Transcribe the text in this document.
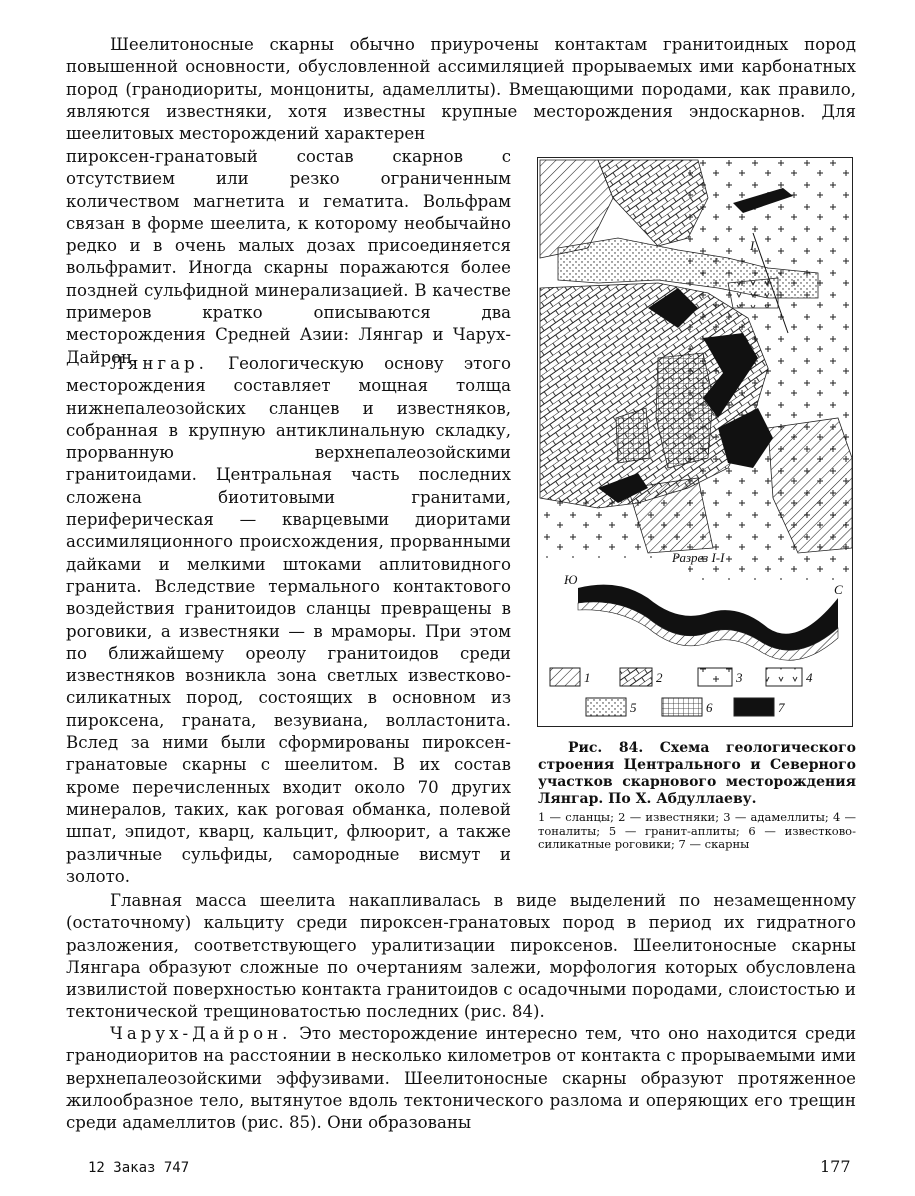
Шеелитоносные скарны обычно приурочены контактам гранитоидных пород повышенной основности, обусловленной ассимиляцией прорываемых ими карбонатных пород (гранодиориты, монцониты, адамеллиты). Вмещающими породами, как правило, являются известняки, хотя известны крупные месторождения эндоскарнов. Для шеелитовых месторождений характерен

пироксен-гранатовый состав скарнов с отсутствием или резко ограниченным количеством магнетита и гематита. Вольфрам связан в форме шеелита, к которому необычайно редко и в очень малых дозах присоединяется вольфрамит. Иногда скарны поражаются более поздней сульфидной минерализацией. В качестве примеров кратко описываются два месторождения Средней Азии: Лянгар и Чарух-Дайрон.

Лянгар. Геологическую основу этого месторождения составляет мощная толща нижнепалеозойских сланцев и известняков, собранная в крупную антиклинальную складку, прорванную верхнепалеозойскими гранитоидами. Центральная часть последних сложена биотитовыми гранитами, периферическая — кварцевыми диоритами ассимиляционного происхождения, прорванными дайками и мелкими штоками аплитовидного гранита. Вследствие термального контактового воздействия гранитоидов сланцы превращены в роговики, а известняки — в мраморы. При этом по ближайшему ореолу гранитоидов среди известняков возникла зона светлых известково-силикатных пород, состоящих в основном из пироксена, граната, везувиана, волластонита. Вслед за ними были сформированы пироксен-гранатовые скарны с шеелитом. В их состав кроме перечисленных входит около 70 других минералов, таких, как роговая обманка, полевой шпат, эпидот, кварц, кальцит, флюорит, а также различные сульфиды, самородные висмут и золото.

Главная масса шеелита накапливалась в виде выделений по незамещенному (остаточному) кальциту среди пироксен-гранатовых пород в период их гидратного разложения, соответствующего уралитизации пироксенов. Шеелитоносные скарны Лянгара образуют сложные по очертаниям залежи, морфология которых обусловлена извилистой поверхностью контакта гранитоидов с осадочными породами, слоистостью и тектонической трещиноватостью последних (рис. 84).

Чарух-Дайрон. Это месторождение интересно тем, что оно находится среди гранодиоритов на расстоянии в несколько километров от контакта с прорываемыми ими верхнепалеозойскими эффузивами. Шеелитоносные скарны образуют протяженное жилообразное тело, вытянутое вдоль тектонического разлома и оперяющих его трещин среди адамеллитов (рис. 85). Они образованы

I
Разрез I-I
Ю
С
1	2	3	4
5	6	7

Рис. 84. Схема геологического строения Центрального и Северного участков скарнового месторождения Лянгар. По Х. Абдуллаеву.

1 — сланцы; 2 — известняки; 3 — адамеллиты; 4 — тоналиты; 5 — гранит-аплиты; 6 — известково-силикатные роговики; 7 — скарны

12 Заказ 747	177
